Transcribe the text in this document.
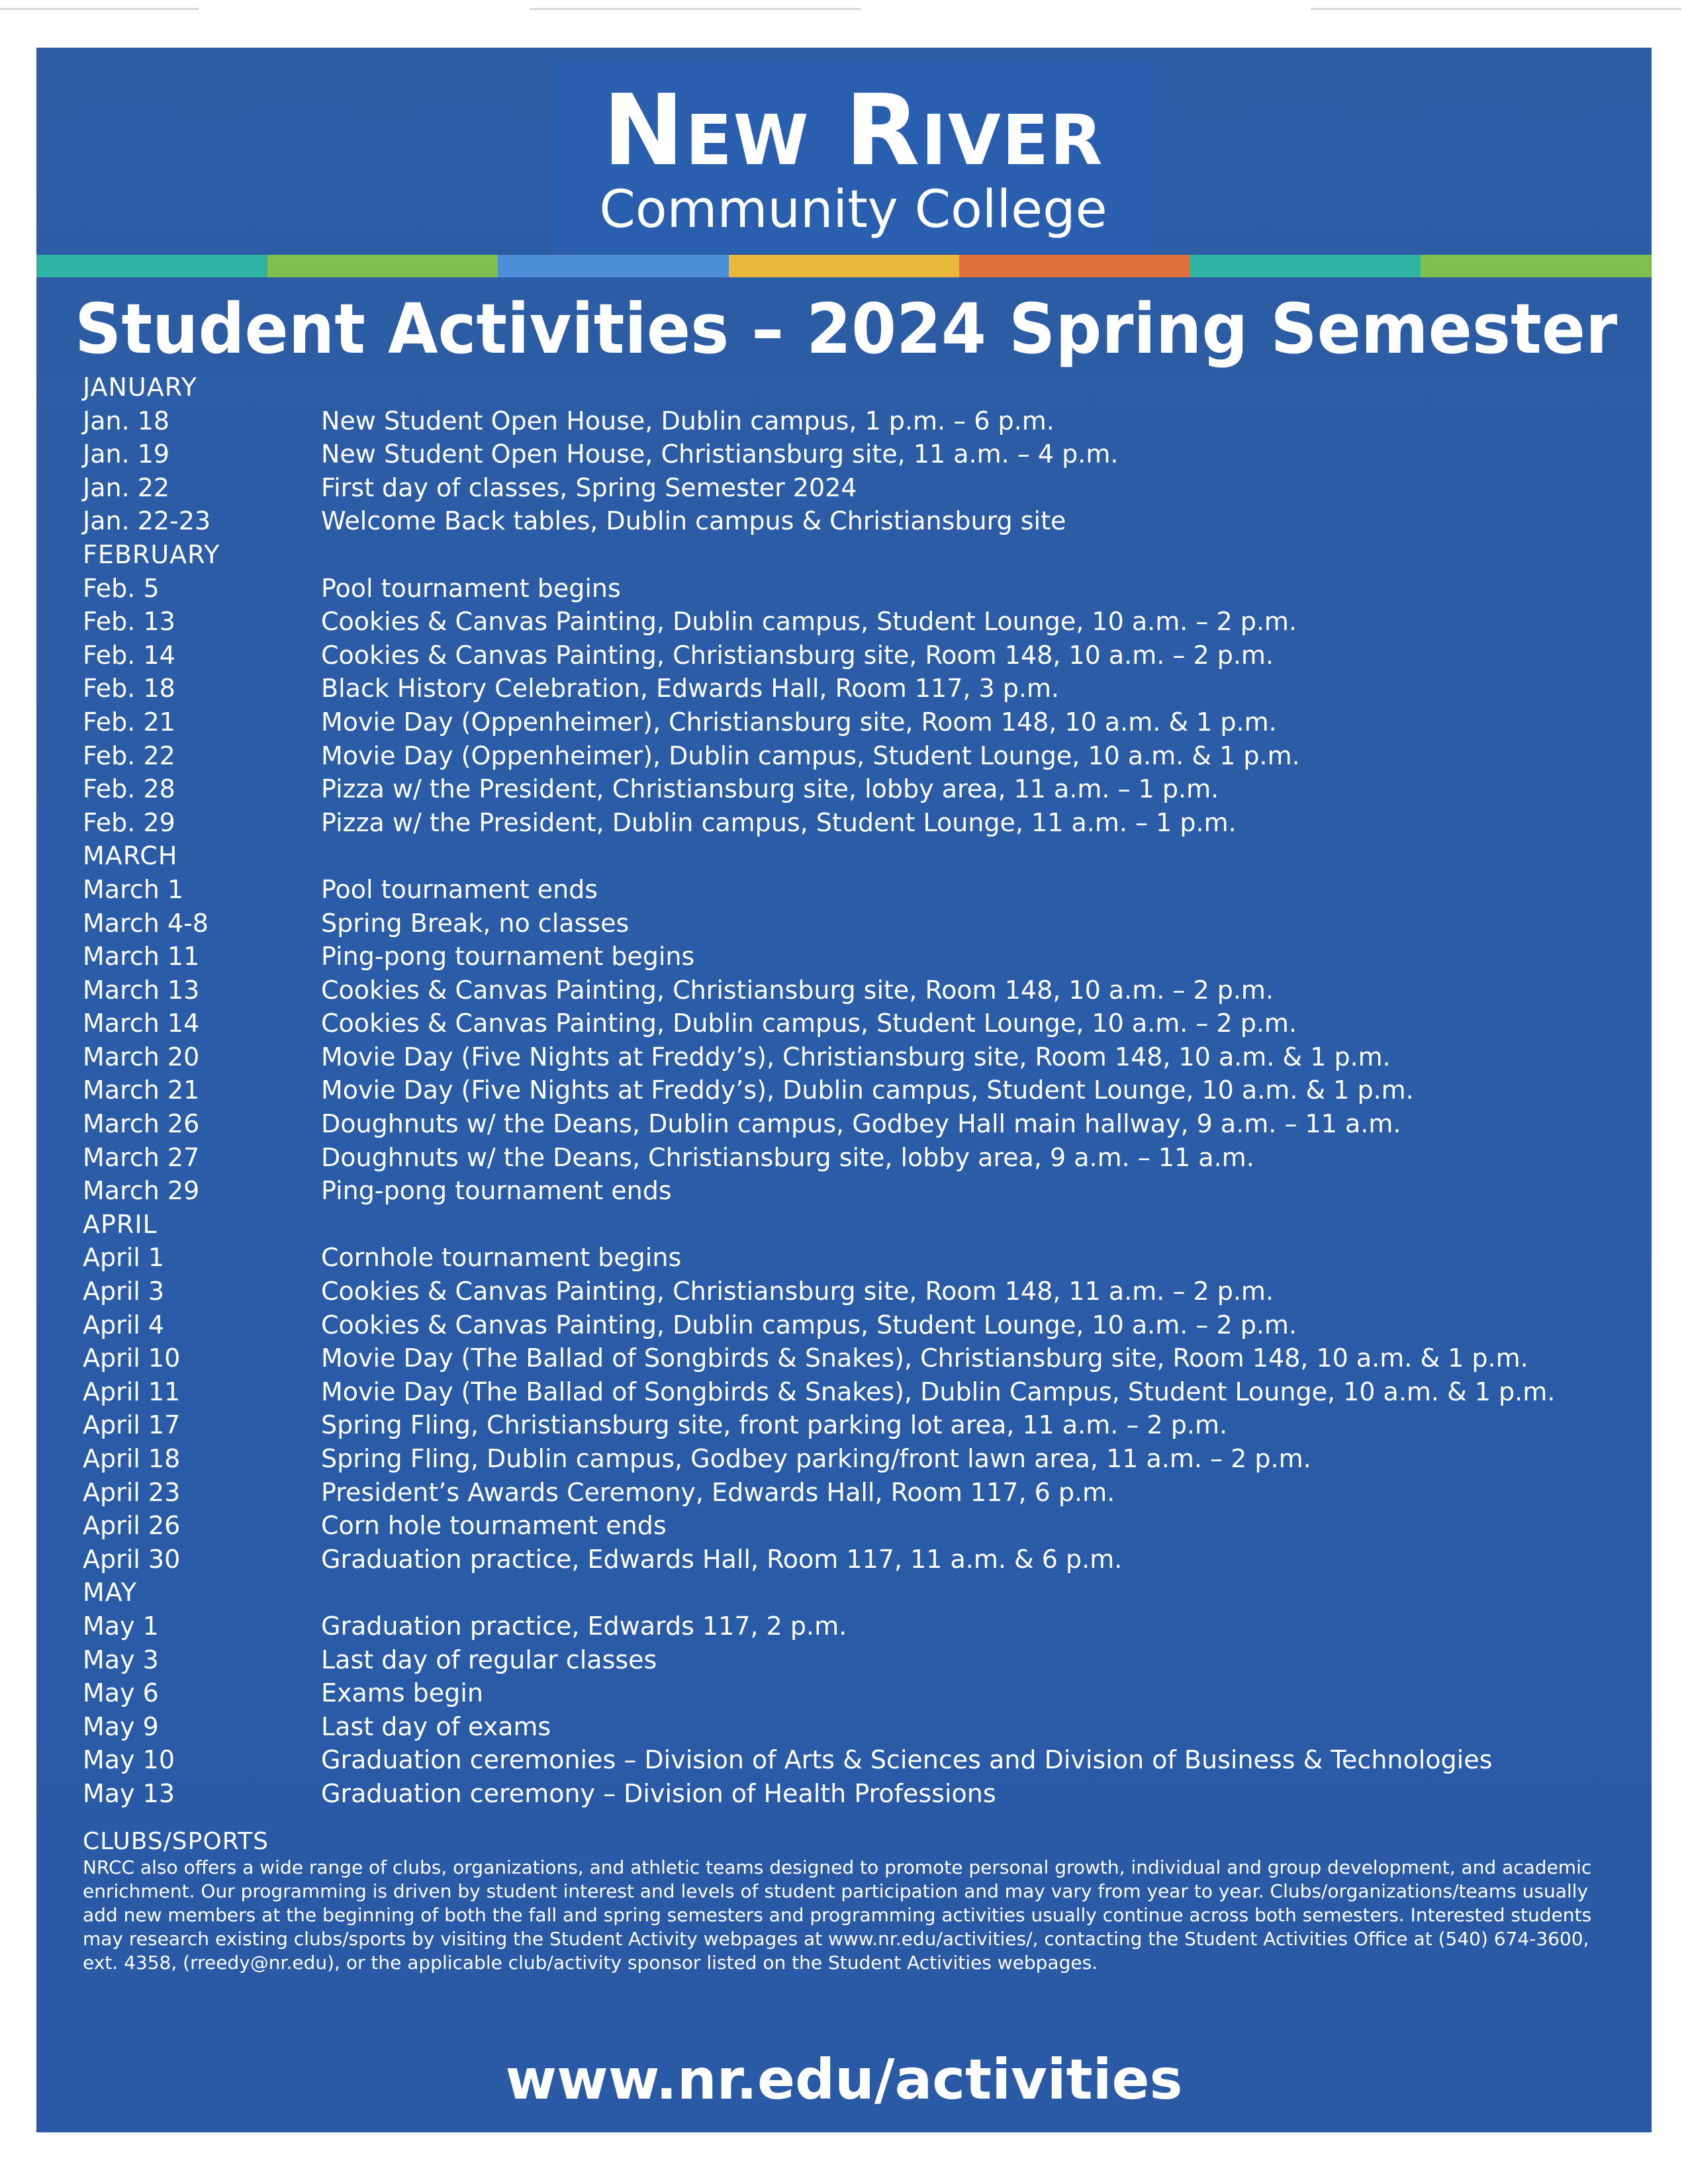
New River
Community College
Student Activities – 2024 Spring Semester
JANUARY
Jan. 18	New Student Open House, Dublin campus, 1 p.m. – 6 p.m.
Jan. 19	New Student Open House, Christiansburg site, 11 a.m. – 4 p.m.
Jan. 22	First day of classes, Spring Semester 2024
Jan. 22-23	Welcome Back tables, Dublin campus & Christiansburg site
FEBRUARY
Feb. 5	Pool tournament begins
Feb. 13	Cookies & Canvas Painting, Dublin campus, Student Lounge, 10 a.m. – 2 p.m.
Feb. 14	Cookies & Canvas Painting, Christiansburg site, Room 148, 10 a.m. – 2 p.m.
Feb. 18	Black History Celebration, Edwards Hall, Room 117, 3 p.m.
Feb. 21	Movie Day (Oppenheimer), Christiansburg site, Room 148, 10 a.m. & 1 p.m.
Feb. 22	Movie Day (Oppenheimer), Dublin campus, Student Lounge, 10 a.m. & 1 p.m.
Feb. 28	Pizza w/ the President, Christiansburg site, lobby area, 11 a.m. – 1 p.m.
Feb. 29	Pizza w/ the President, Dublin campus, Student Lounge, 11 a.m. – 1 p.m.
MARCH
March 1	Pool tournament ends
March 4-8	Spring Break, no classes
March 11	Ping-pong tournament begins
March 13	Cookies & Canvas Painting, Christiansburg site, Room 148, 10 a.m. – 2 p.m.
March 14	Cookies & Canvas Painting, Dublin campus, Student Lounge, 10 a.m. – 2 p.m.
March 20	Movie Day (Five Nights at Freddy’s), Christiansburg site, Room 148, 10 a.m. & 1 p.m.
March 21	Movie Day (Five Nights at Freddy’s), Dublin campus, Student Lounge, 10 a.m. & 1 p.m.
March 26	Doughnuts w/ the Deans, Dublin campus, Godbey Hall main hallway, 9 a.m. – 11 a.m.
March 27	Doughnuts w/ the Deans, Christiansburg site, lobby area, 9 a.m. – 11 a.m.
March 29	Ping-pong tournament ends
APRIL
April 1	Cornhole tournament begins
April 3	Cookies & Canvas Painting, Christiansburg site, Room 148, 11 a.m. – 2 p.m.
April 4	Cookies & Canvas Painting, Dublin campus, Student Lounge, 10 a.m. – 2 p.m.
April 10	Movie Day (The Ballad of Songbirds & Snakes), Christiansburg site, Room 148, 10 a.m. & 1 p.m.
April 11	Movie Day (The Ballad of Songbirds & Snakes), Dublin Campus, Student Lounge, 10 a.m. & 1 p.m.
April 17	Spring Fling, Christiansburg site, front parking lot area, 11 a.m. – 2 p.m.
April 18	Spring Fling, Dublin campus, Godbey parking/front lawn area, 11 a.m. – 2 p.m.
April 23	President’s Awards Ceremony, Edwards Hall, Room 117, 6 p.m.
April 26	Corn hole tournament ends
April 30	Graduation practice, Edwards Hall, Room 117, 11 a.m. & 6 p.m.
MAY
May 1	Graduation practice, Edwards 117, 2 p.m.
May 3	Last day of regular classes
May 6	Exams begin
May 9	Last day of exams
May 10	Graduation ceremonies – Division of Arts & Sciences and Division of Business & Technologies
May 13	Graduation ceremony – Division of Health Professions
CLUBS/SPORTS
NRCC also offers a wide range of clubs, organizations, and athletic teams designed to promote personal growth, individual and group development, and academic enrichment. Our programming is driven by student interest and levels of student participation and may vary from year to year. Clubs/organizations/teams usually add new members at the beginning of both the fall and spring semesters and programming activities usually continue across both semesters. Interested students may research existing clubs/sports by visiting the Student Activity webpages at www.nr.edu/activities/, contacting the Student Activities Office at (540) 674-3600, ext. 4358, (rreedy@nr.edu), or the applicable club/activity sponsor listed on the Student Activities webpages.
www.nr.edu/activities
